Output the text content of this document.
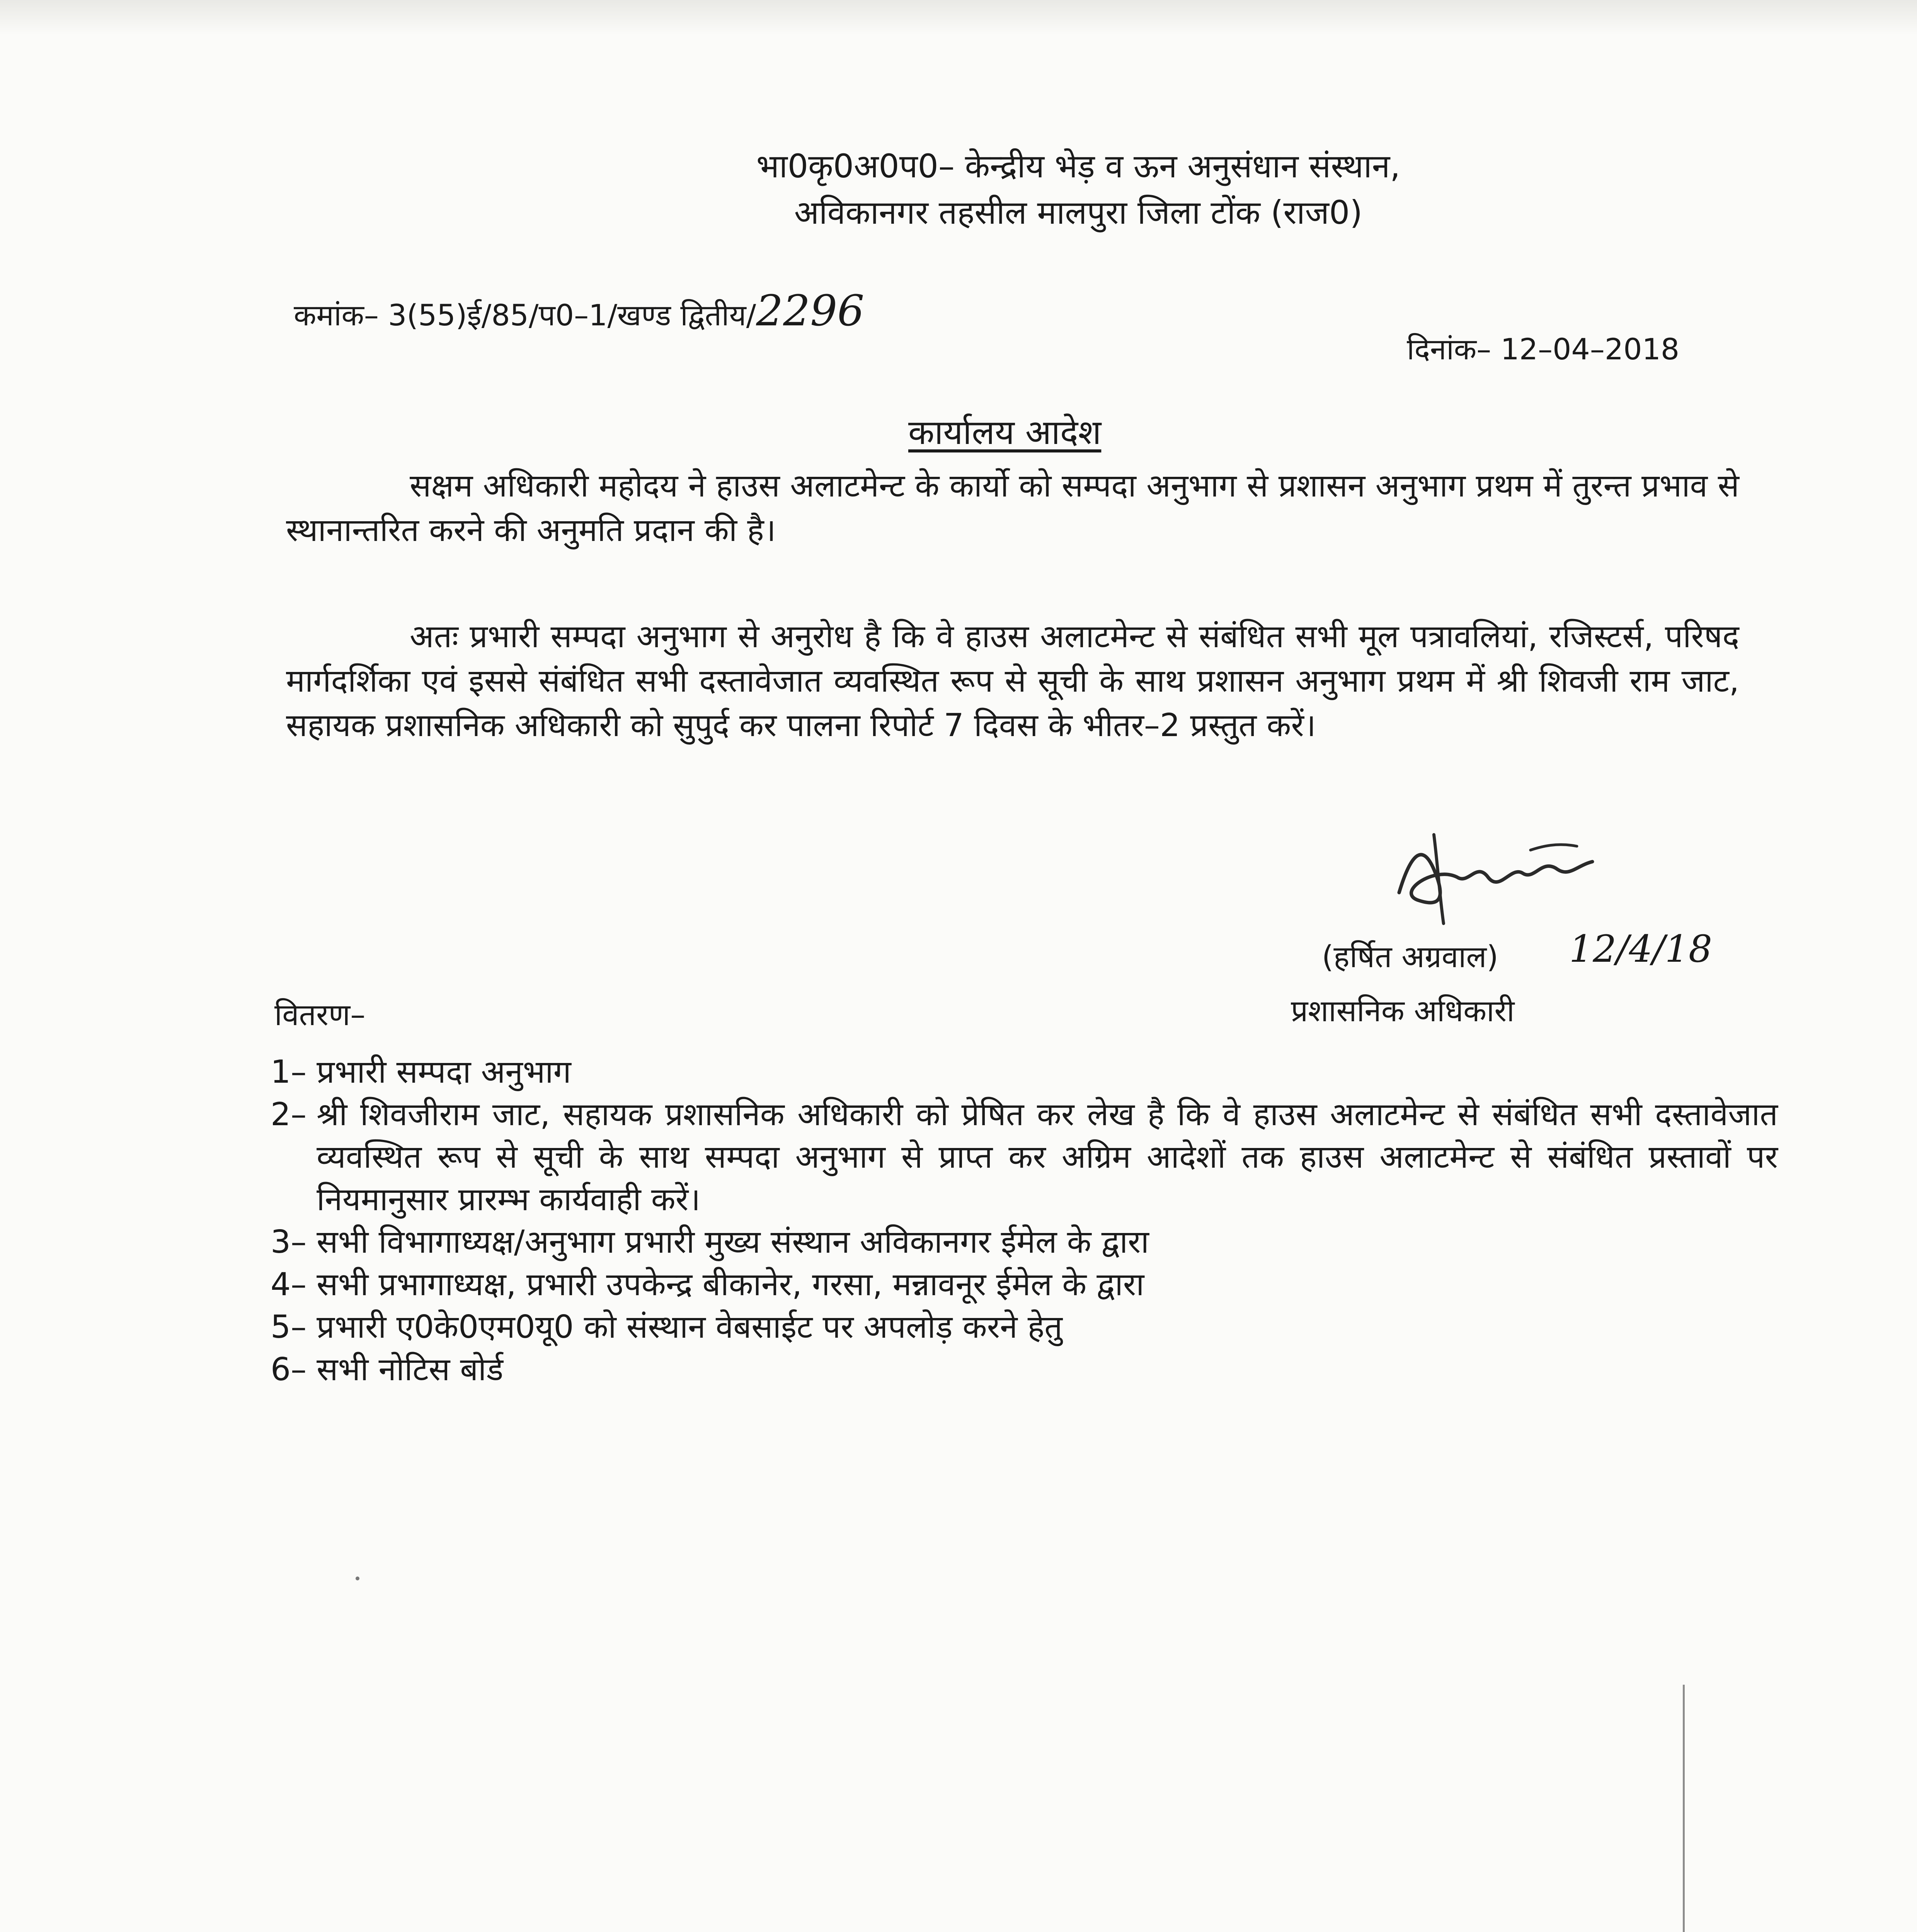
भा0कृ0अ0प0– केन्द्रीय भेड़ व ऊन अनुसंधान संस्थान,
अविकानगर तहसील मालपुरा जिला टोंक (राज0)
कमांक– 3(55)ई/85/प0–1/खण्ड द्वितीय/2296
दिनांक– 12–04–2018
कार्यालय आदेश
सक्षम अधिकारी महोदय ने हाउस अलाटमेन्ट के कार्यो को सम्पदा अनुभाग से प्रशासन अनुभाग प्रथम में तुरन्त प्रभाव से स्थानान्तरित करने की अनुमति प्रदान की है।
अतः प्रभारी सम्पदा अनुभाग से अनुरोध है कि वे हाउस अलाटमेन्ट से संबंधित सभी मूल पत्रावलियां, रजिस्टर्स, परिषद मार्गदर्शिका एवं इससे संबंधित सभी दस्तावेजात व्यवस्थित रूप से सूची के साथ प्रशासन अनुभाग प्रथम में श्री शिवजी राम जाट, सहायक प्रशासनिक अधिकारी को सुपुर्द कर पालना रिपोर्ट 7 दिवस के भीतर–2 प्रस्तुत करें।
(हर्षित अग्रवाल) 12/4/18
प्रशासनिक अधिकारी
वितरण–
1– प्रभारी सम्पदा अनुभाग
2– श्री शिवजीराम जाट, सहायक प्रशासनिक अधिकारी को प्रेषित कर लेख है कि वे हाउस अलाटमेन्ट से संबंधित सभी दस्तावेजात व्यवस्थित रूप से सूची के साथ सम्पदा अनुभाग से प्राप्त कर अग्रिम आदेशों तक हाउस अलाटमेन्ट से संबंधित प्रस्तावों पर नियमानुसार प्रारम्भ कार्यवाही करें।
3– सभी विभागाध्यक्ष/अनुभाग प्रभारी मुख्य संस्थान अविकानगर ईमेल के द्वारा
4– सभी प्रभागाध्यक्ष, प्रभारी उपकेन्द्र बीकानेर, गरसा, मन्नावनूर ईमेल के द्वारा
5– प्रभारी ए0के0एम0यू0 को संस्थान वेबसाईट पर अपलोड़ करने हेतु
6– सभी नोटिस बोर्ड
